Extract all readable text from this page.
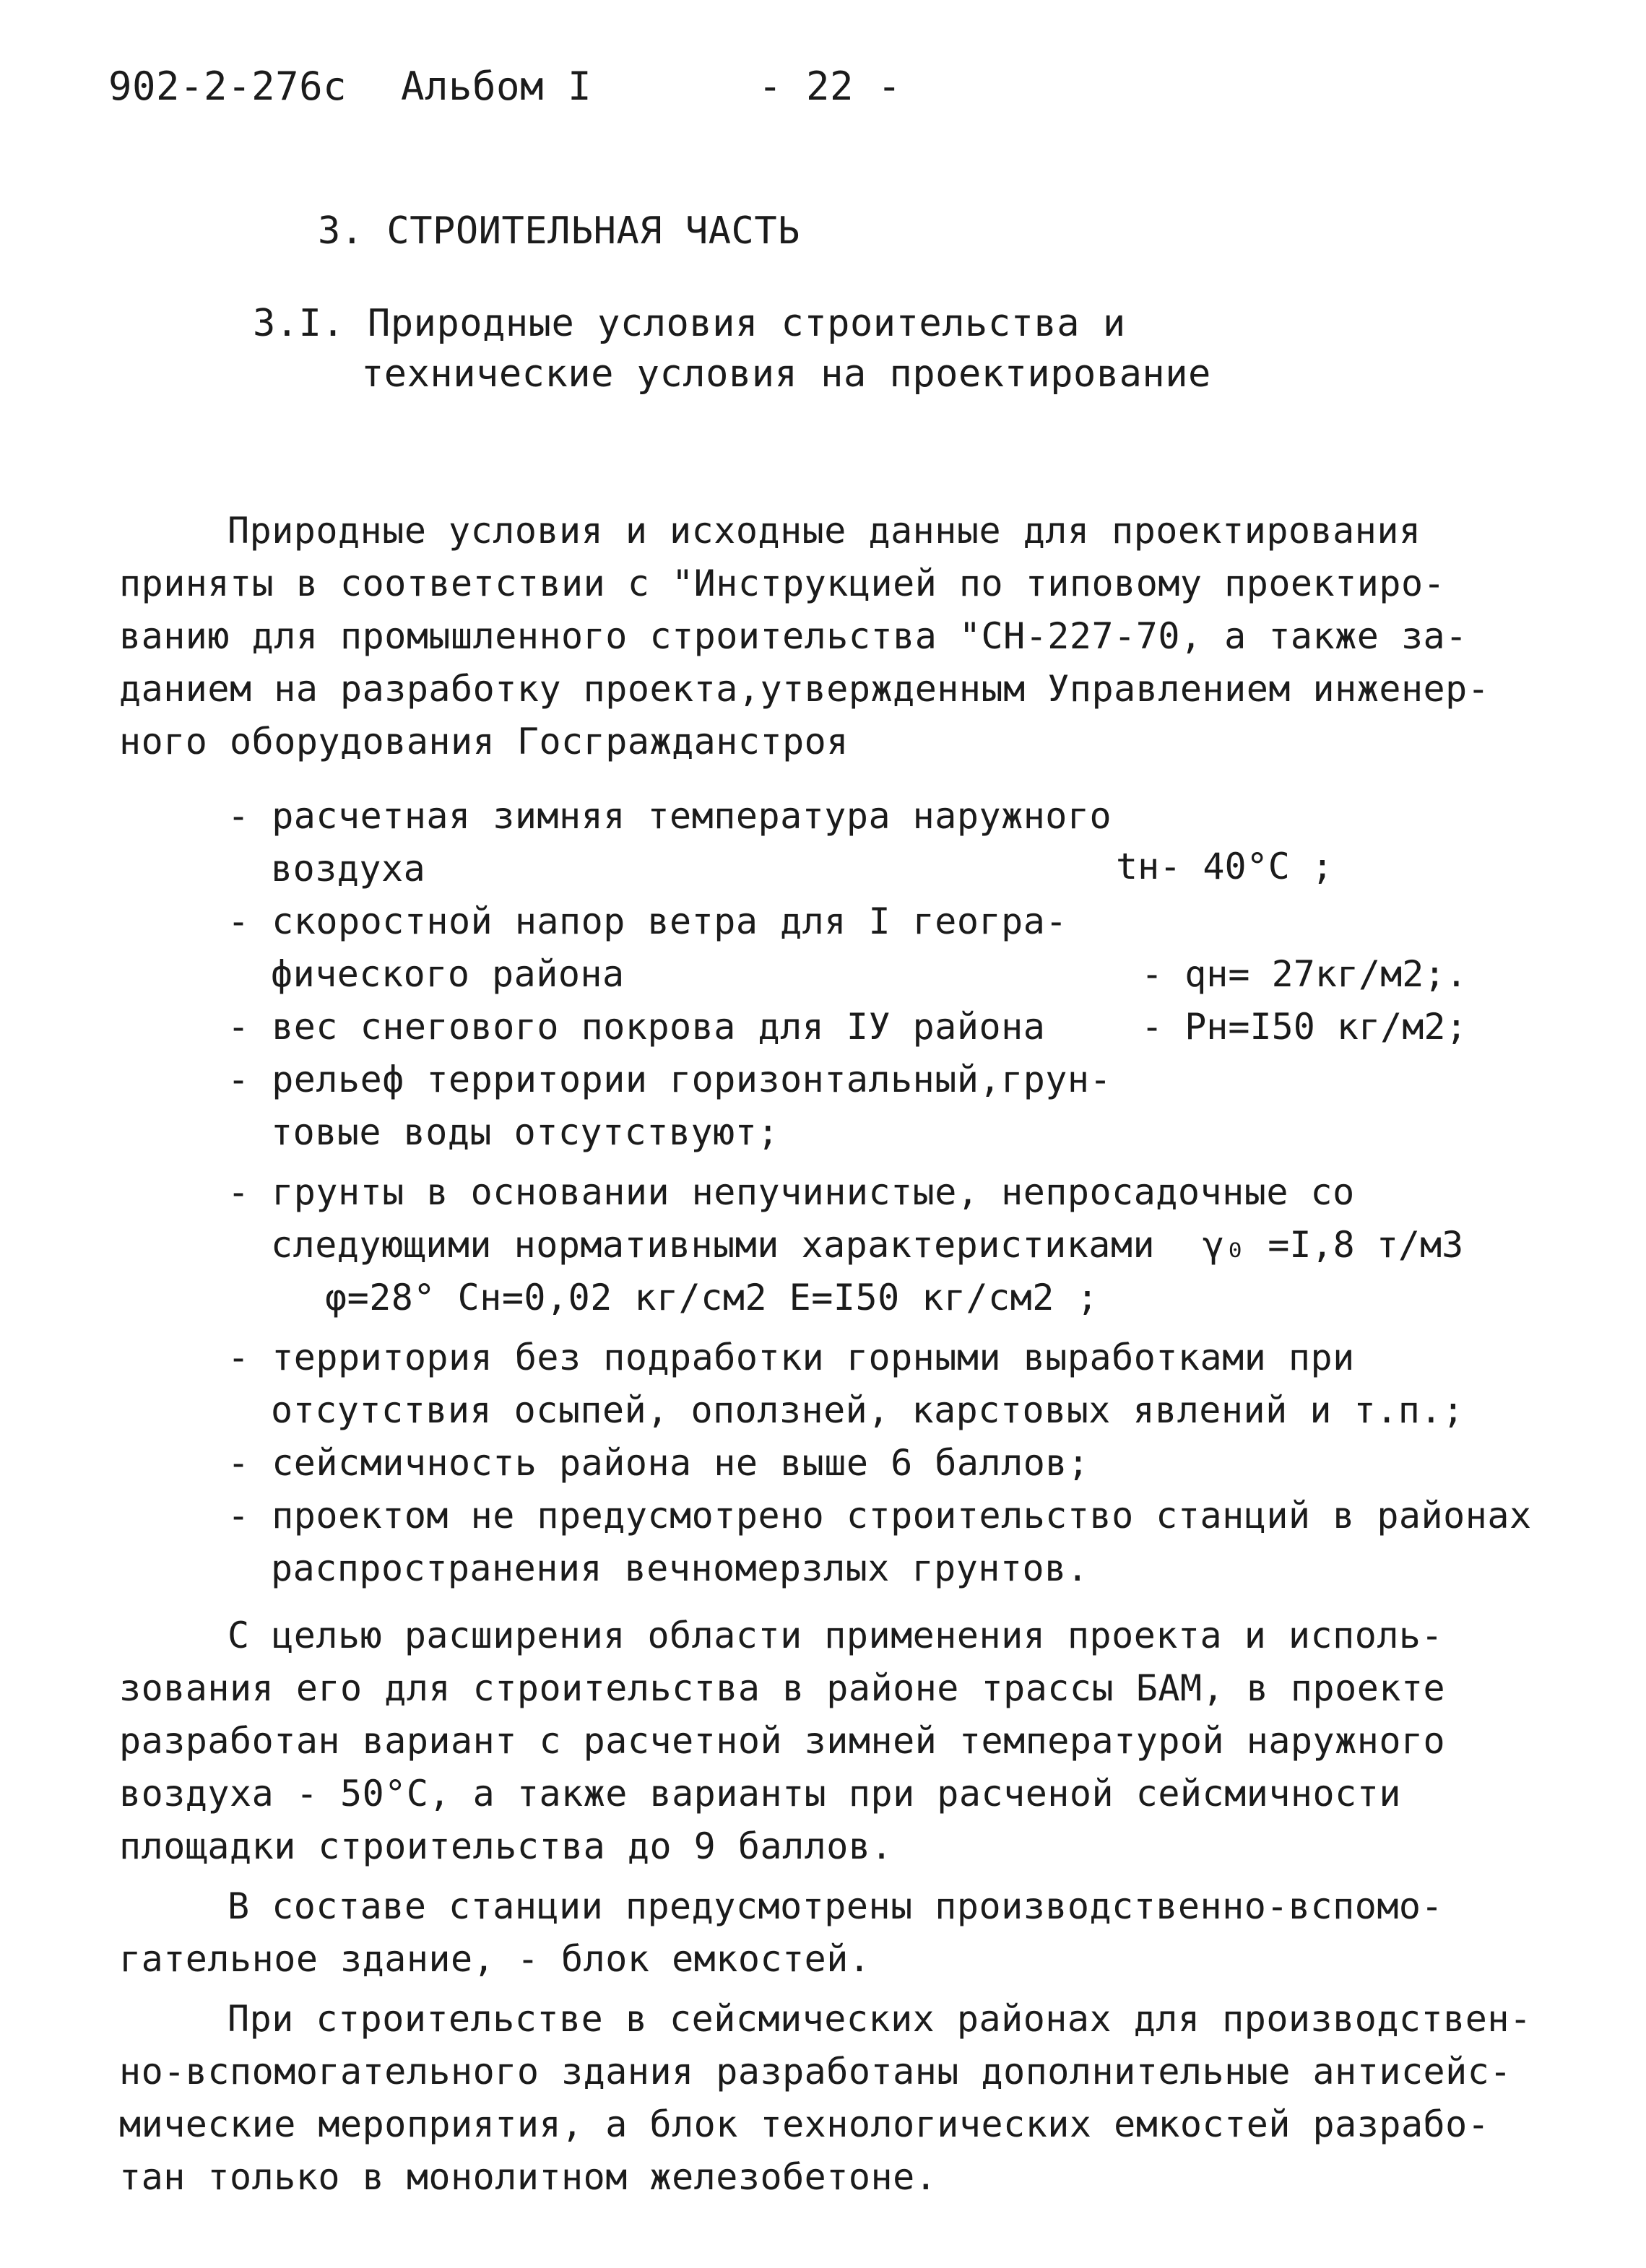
902-2-276с Альбом I	- 22 -
3. СТРОИТЕЛЬНАЯ ЧАСТЬ
3.I. Природные условия строительства и
технические условия на проектирование
Природные условия и исходные данные для проектирования
приняты в соответствии с "Инструкцией по типовому проектиро-
ванию для промышленного строительства "СН-227-70, а также за-
данием на разработку проекта,утвержденным Управлением инженер-
ного оборудования Госгражданстроя
- расчетная зимняя температура наружного
воздуха	tн- 40°С ;
- скоростной напор ветра для I геогра-
фического района	- qн= 27кг/м2;.
- вес снегового покрова для IУ района	- Pн=I50 кг/м2;
- рельеф территории горизонтальный,грун-
товые воды отсутствуют;
- грунты в основании непучинистые, непросадочные со
следующими нормативными характеристиками γ₀ =I,8 т/м3
φ=28° Сн=0,02 кг/см2 Е=I50 кг/см2 ;
- территория без подработки горными выработками при
отсутствия осыпей, оползней, карстовых явлений и т.п.;
- сейсмичность района не выше 6 баллов;
- проектом не предусмотрено строительство станций в районах
распространения вечномерзлых грунтов.
С целью расширения области применения проекта и исполь-
зования его для строительства в районе трассы БАМ, в проекте
разработан вариант с расчетной зимней температурой наружного
воздуха - 50°С, а также варианты при расченой сейсмичности
площадки строительства до 9 баллов.
В составе станции предусмотрены производственно-вспомо-
гательное здание, - блок емкостей.
При строительстве в сейсмических районах для производствен-
но-вспомогательного здания разработаны дополнительные антисейс-
мические мероприятия, а блок технологических емкостей разрабо-
тан только в монолитном железобетоне.
